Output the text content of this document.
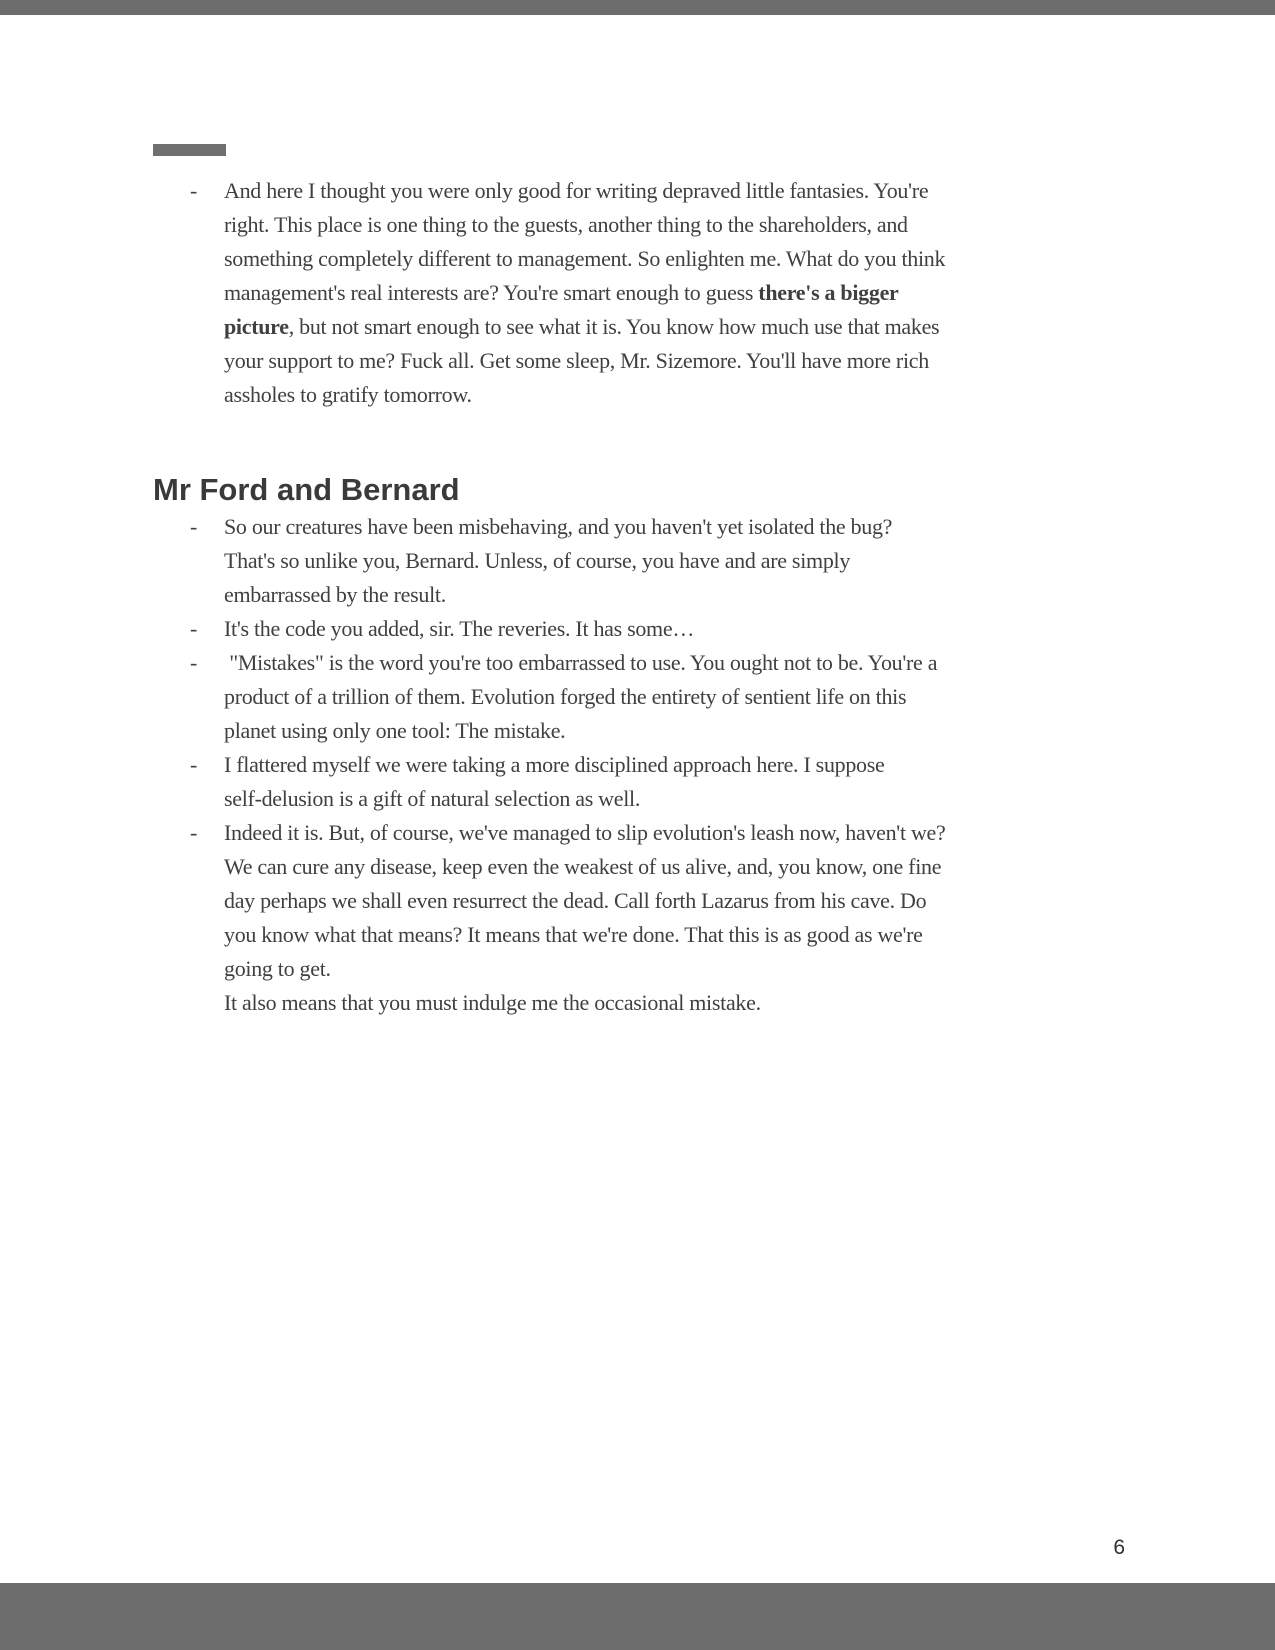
- And here I thought you were only good for writing depraved little fantasies. You're
right. This place is one thing to the guests, another thing to the shareholders, and
something completely different to management. So enlighten me. What do you think
management's real interests are? You're smart enough to guess there's a bigger
picture, but not smart enough to see what it is. You know how much use that makes
your support to me? Fuck all. Get some sleep, Mr. Sizemore. You'll have more rich
assholes to gratify tomorrow.
Mr Ford and Bernard
- So our creatures have been misbehaving, and you haven't yet isolated the bug?
That's so unlike you, Bernard. Unless, of course, you have and are simply
embarrassed by the result.
- It's the code you added, sir. The reveries. It has some…
- "Mistakes" is the word you're too embarrassed to use. You ought not to be. You're a
product of a trillion of them. Evolution forged the entirety of sentient life on this
planet using only one tool: The mistake.
- I flattered myself we were taking a more disciplined approach here. I suppose
self-delusion is a gift of natural selection as well.
- Indeed it is. But, of course, we've managed to slip evolution's leash now, haven't we?
We can cure any disease, keep even the weakest of us alive, and, you know, one fine
day perhaps we shall even resurrect the dead. Call forth Lazarus from his cave. Do
you know what that means? It means that we're done. That this is as good as we're
going to get.
It also means that you must indulge me the occasional mistake.
6
